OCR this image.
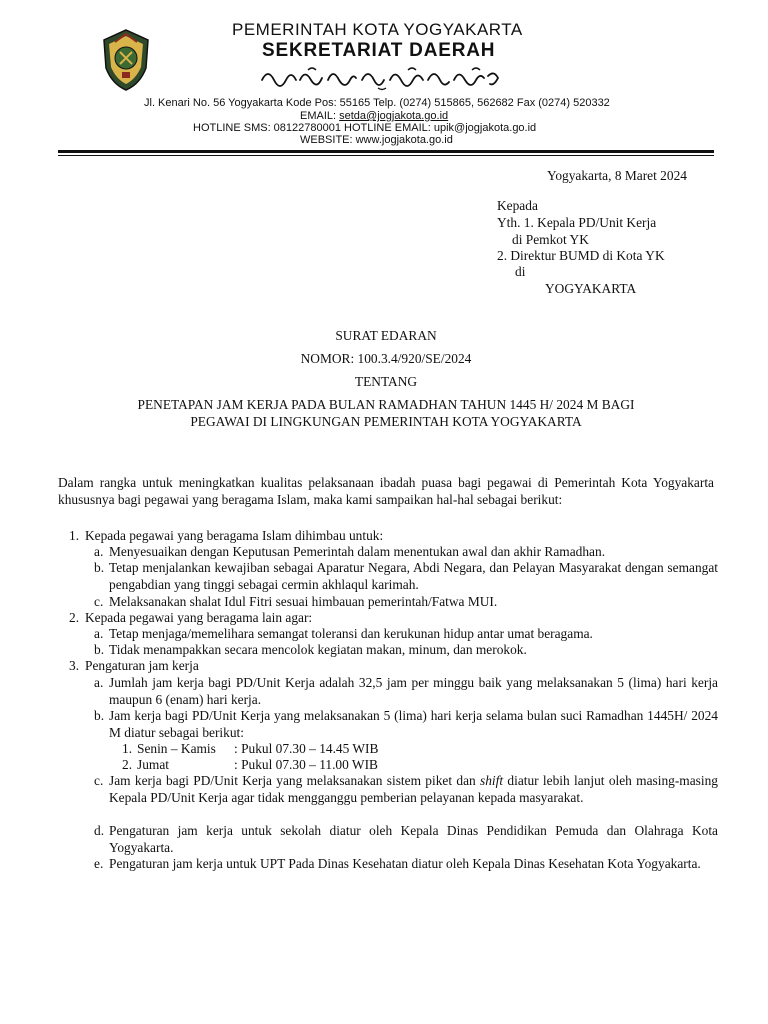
PEMERINTAH KOTA YOGYAKARTA
SEKRETARIAT DAERAH
Jl. Kenari No. 56 Yogyakarta Kode Pos: 55165 Telp. (0274) 515865, 562682 Fax (0274) 520332
EMAIL: setda@jogjakota.go.id
HOTLINE SMS: 08122780001 HOTLINE EMAIL: upik@jogjakota.go.id
WEBSITE: www.jogjakota.go.id
Yogyakarta, 8 Maret 2024
Kepada
Yth. 1. Kepala PD/Unit Kerja
di Pemkot YK
2. Direktur BUMD di Kota YK
di
YOGYAKARTA
SURAT EDARAN
NOMOR: 100.3.4/920/SE/2024
TENTANG
PENETAPAN JAM KERJA PADA BULAN RAMADHAN TAHUN 1445 H/ 2024 M BAGI
PEGAWAI DI LINGKUNGAN PEMERINTAH KOTA YOGYAKARTA
Dalam rangka untuk meningkatkan kualitas pelaksanaan ibadah puasa bagi pegawai di Pemerintah Kota Yogyakarta khususnya bagi pegawai yang beragama Islam, maka kami sampaikan hal-hal sebagai berikut:
1. Kepada pegawai yang beragama Islam dihimbau untuk:
a. Menyesuaikan dengan Keputusan Pemerintah dalam menentukan awal dan akhir Ramadhan.
b. Tetap menjalankan kewajiban sebagai Aparatur Negara, Abdi Negara, dan Pelayan Masyarakat dengan semangat pengabdian yang tinggi sebagai cermin akhlaqul karimah.
c. Melaksanakan shalat Idul Fitri sesuai himbauan pemerintah/Fatwa MUI.
2. Kepada pegawai yang beragama lain agar:
a. Tetap menjaga/memelihara semangat toleransi dan kerukunan hidup antar umat beragama.
b. Tidak menampakkan secara mencolok kegiatan makan, minum, dan merokok.
3. Pengaturan jam kerja
a. Jumlah jam kerja bagi PD/Unit Kerja adalah 32,5 jam per minggu baik yang melaksanakan 5 (lima) hari kerja maupun 6 (enam) hari kerja.
b. Jam kerja bagi PD/Unit Kerja yang melaksanakan 5 (lima) hari kerja selama bulan suci Ramadhan 1445H/ 2024 M diatur sebagai berikut:
1. Senin – Kamis : Pukul 07.30 – 14.45 WIB
2. Jumat	: Pukul 07.30 – 11.00 WIB
c. Jam kerja bagi PD/Unit Kerja yang melaksanakan sistem piket dan shift diatur lebih lanjut oleh masing-masing Kepala PD/Unit Kerja agar tidak mengganggu pemberian pelayanan kepada masyarakat.
d. Pengaturan jam kerja untuk sekolah diatur oleh Kepala Dinas Pendidikan Pemuda dan Olahraga Kota Yogyakarta.
e. Pengaturan jam kerja untuk UPT Pada Dinas Kesehatan diatur oleh Kepala Dinas Kesehatan Kota Yogyakarta.
